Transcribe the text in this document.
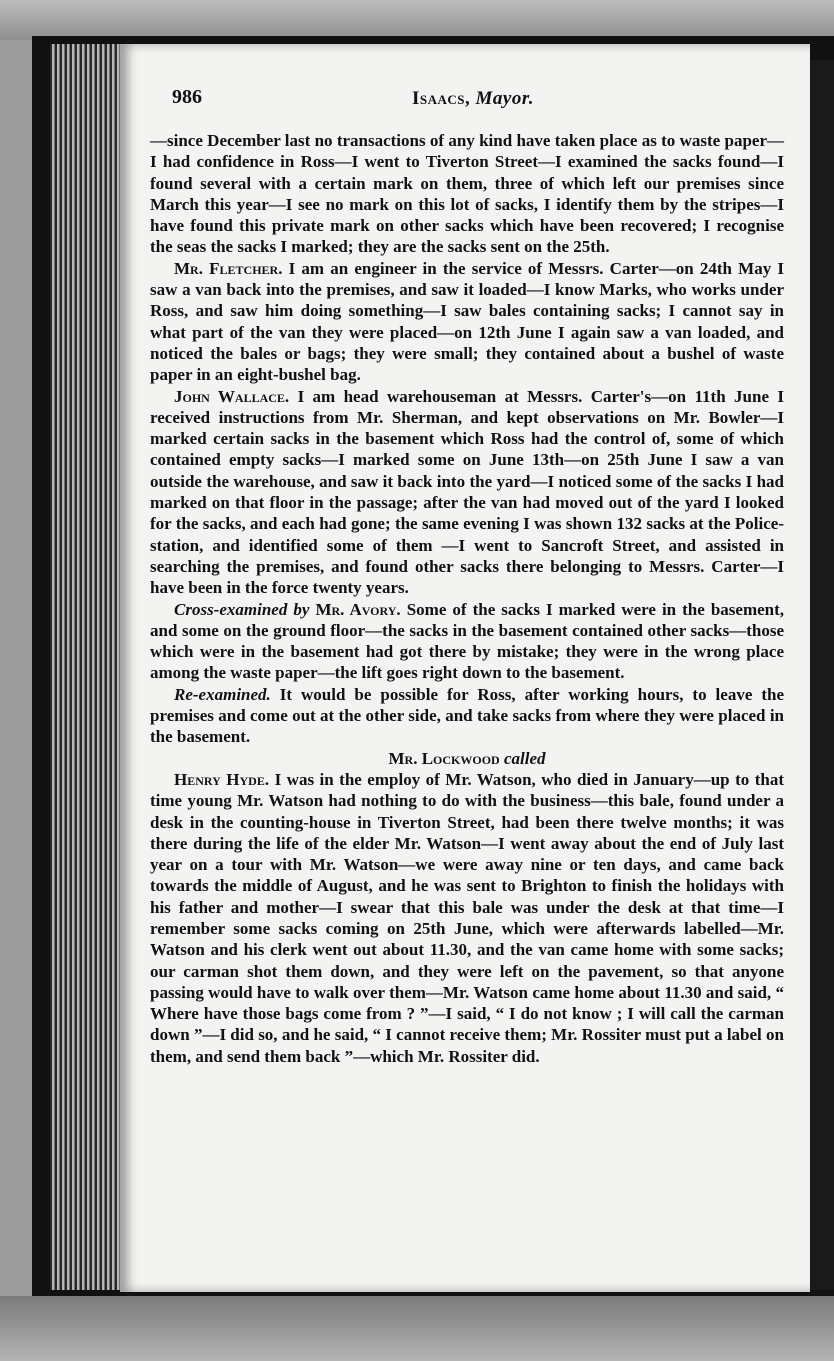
986	Isaacs, Mayor.

—since December last no transactions of any kind have taken place as to waste paper—I had confidence in Ross—I went to Tiverton Street—I examined the sacks found—I found several with a certain mark on them, three of which left our premises since March this year—I see no mark on this lot of sacks, I identify them by the stripes—I have found this private mark on other sacks which have been recovered; I recognise the seas the sacks I marked; they are the sacks sent on the 25th.

Mr. Fletcher. I am an engineer in the service of Messrs. Carter—on 24th May I saw a van back into the premises, and saw it loaded—I know Marks, who works under Ross, and saw him doing something—I saw bales containing sacks; I cannot say in what part of the van they were placed—on 12th June I again saw a van loaded, and noticed the bales or bags; they were small; they contained about a bushel of waste paper in an eight-bushel bag.

John Wallace. I am head warehouseman at Messrs. Carter's—on 11th June I received instructions from Mr. Sherman, and kept observations on Mr. Bowler—I marked certain sacks in the basement which Ross had the control of, some of which contained empty sacks—I marked some on June 13th—on 25th June I saw a van outside the warehouse, and saw it back into the yard—I noticed some of the sacks I had marked on that floor in the passage; after the van had moved out of the yard I looked for the sacks, and each had gone; the same evening I was shown 132 sacks at the Police-station, and identified some of them —I went to Sancroft Street, and assisted in searching the premises, and found other sacks there belonging to Messrs. Carter—I have been in the force twenty years.

Cross-examined by Mr. Avory. Some of the sacks I marked were in the basement, and some on the ground floor—the sacks in the basement contained other sacks—those which were in the basement had got there by mistake; they were in the wrong place among the waste paper—the lift goes right down to the basement.

Re-examined. It would be possible for Ross, after working hours, to leave the premises and come out at the other side, and take sacks from where they were placed in the basement.

Mr. Lockwood called

Henry Hyde. I was in the employ of Mr. Watson, who died in January—up to that time young Mr. Watson had nothing to do with the business—this bale, found under a desk in the counting-house in Tiverton Street, had been there twelve months; it was there during the life of the elder Mr. Watson—I went away about the end of July last year on a tour with Mr. Watson—we were away nine or ten days, and came back towards the middle of August, and he was sent to Brighton to finish the holidays with his father and mother—I swear that this bale was under the desk at that time—I remember some sacks coming on 25th June, which were afterwards labelled—Mr. Watson and his clerk went out about 11.30, and the van came home with some sacks; our carman shot them down, and they were left on the pavement, so that anyone passing would have to walk over them—Mr. Watson came home about 11.30 and said, “ Where have those bags come from ? ”—I said, “ I do not know ; I will call the carman down ”—I did so, and he said, “ I cannot receive them; Mr. Rossiter must put a label on them, and send them back ”—which Mr. Rossiter did.
